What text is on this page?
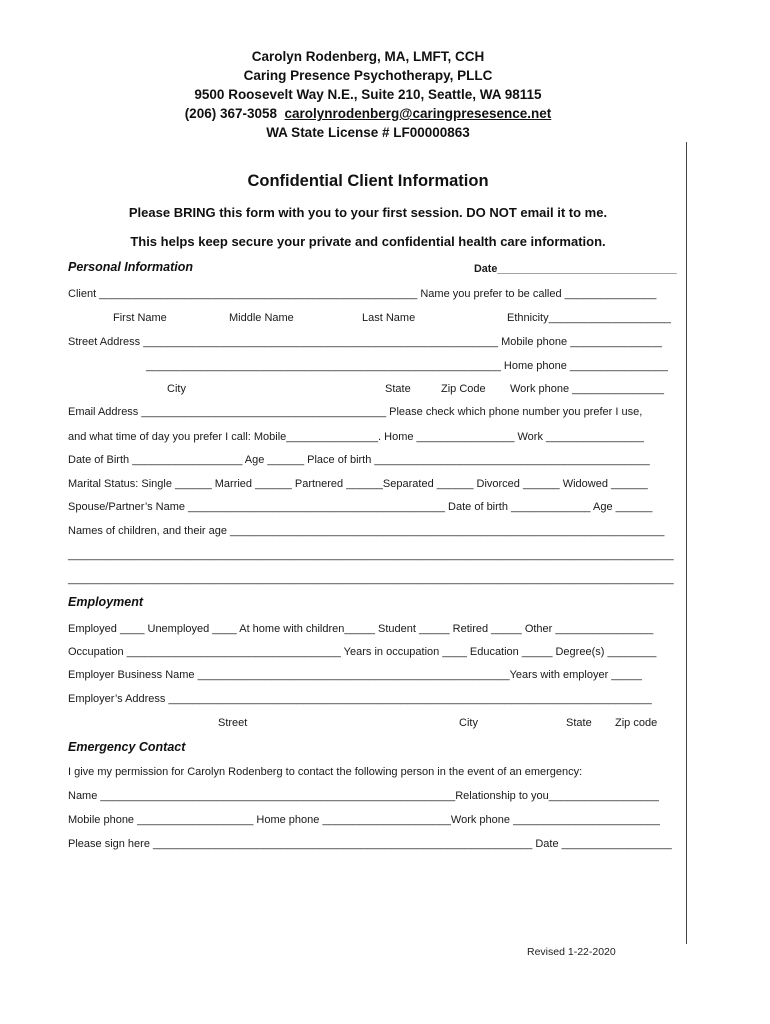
Carolyn Rodenberg, MA, LMFT, CCH
Caring Presence Psychotherapy, PLLC
9500 Roosevelt Way N.E., Suite 210, Seattle, WA 98115
(206) 367-3058 carolynrodenberg@caringpresesence.net
WA State License # LF00000863
Confidential Client Information
Please BRING this form with you to your first session. DO NOT email it to me.
This helps keep secure your private and confidential health care information.
Personal Information	Date______________________________
Client ____________________________________________________ Name you prefer to be called _______________
First Name	Middle Name	Last Name	Ethnicity____________________
Street Address __________________________________________________________ Mobile phone _______________
__________________________________________________________ Home phone ________________
City	State	Zip Code Work phone _______________
Email Address ________________________________________ Please check which phone number you prefer I use,
and what time of day you prefer I call: Mobile_______________. Home ________________ Work ________________
Date of Birth __________________ Age ______ Place of birth _____________________________________________
Marital Status: Single ______ Married ______ Partnered ______Separated ______ Divorced ______ Widowed ______
Spouse/Partner’s Name __________________________________________ Date of birth _____________ Age ______
Names of children, and their age _______________________________________________________________________
___________________________________________________________________________________________________
___________________________________________________________________________________________________
Employment
Employed ____ Unemployed ____ At home with children_____ Student _____ Retired _____ Other ________________
Occupation ___________________________________ Years in occupation ____ Education _____ Degree(s) ________
Employer Business Name ___________________________________________________Years with employer _____
Employer’s Address _______________________________________________________________________________
Street	City	State Zip code
Emergency Contact
I give my permission for Carolyn Rodenberg to contact the following person in the event of an emergency:
Name __________________________________________________________Relationship to you__________________
Mobile phone ___________________ Home phone _____________________Work phone ________________________
Please sign here ______________________________________________________________ Date __________________
Revised 1-22-2020
